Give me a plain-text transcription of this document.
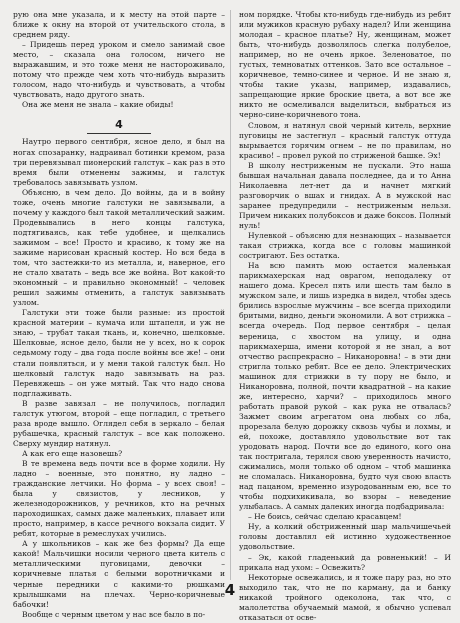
рую она мне указала, и к месту на этой парте – ближе к окну на второй от учительского стола, в среднем ряду.

– Придешь перед уроком и смело занимай свое место, – сказала она голосом, ничего не выражавшим, и это тоже меня не настороживало, потому что прежде чем хоть что-нибудь выразить голосом, надо что-нибудь и чувствовать, а чтобы чувствовать, надо другого знать.

Она же меня не знала – какие обиды!

4

Наутро первого сентября, ясное дело, я был на ногах спозаранку, надраивал ботинки кремом, раза три перевязывал пионерский галстук – как раз в это время были отменены зажимы, и галстук требовалось завязывать узлом.

Объясню, в чем дело. До войны, да и в войну тоже, очень многие галстуки не завязывали, а почему у каждого был такой металлический зажим. Продевывались в него концы галстука, подтягиваясь, как тебе удобнее, и щелкались зажимом – все! Просто и красиво, к тому же на зажиме нарисован красный костер. Но вся беда в том, что застежки-то из металла, и, наверное, его не стало хватать – ведь все же война. Вот какой-то экономный – и правильно экономный! – человек решил зажимы отменить, а галстук завязывать узлом.

Галстуки эти тоже были разные: из простой красной материи – кумача или штапеля, и уж не знаю, – трубат такая ткань, и, конечно, шелковые. Шелковые, ясное дело, были не у всех, но к сорок седьмому году – два года после войны все же! – они стали появляться, и у меня такой галстук был. Но шелковый галстук надо завязывать на раз. Перевяжешь – он уже мятый. Так что надо снова подглаживать.

В разве завязал – не получилось, погладил галстук утюгом, второй – еще погладил, с третьего раза вроде вышло. Оглядел себя в зеркало – белая рубашечка, красный галстук – все как положено. Сверху мундир натянул.

А как его еще назовешь?

В те времена ведь почти все в форме ходили. Ну ладно – военные, это понятно, ну ладно – гражданские летчики. Но форма – у всех своя! – была у связистов, у лесников, у железнодорожников, у речников, кто на речных пароходишках, самых даже маленьких, плавает или просто, например, в кассе речного вокзала сидит. У ребят, которые в ремеслухах учились.

А у школьников – как же без формы? Да еще какой! Мальчишки носили черного цвета китель с металлическими пуговицами, девочки – коричневые платья с белыми воротничками и черные передники с какими-то рюшками крылышками на плечах. Черно-коричневые бабочки!

Вообще с черным цветом у нас все было в по-

ном порядке. Чтобы кто-нибудь где-нибудь из ребят или мужиков красную рубаху надел? Или женщина молодая – красное платье? Ну, женщинам, может быть, что-нибудь дозволялось слегка полубелое, например, но не очень яркое. Зеленоватое, по густых, темноватых оттенков. Зато все остальное – коричневое, темно-синее и черное. И не знаю я, чтобы такие указы, например, издавались, запрещающие яркие броские цвета, а вот все же никто не осмеливался выделиться, выбраться из черно-сине-коричневого тона.

Словом, я натянул свой черный китель, верхние пуговицы не застегнул – красный галстук оттуда вырывается горячим огнем – не по правилам, но красиво! – провел рукой по стриженой башке. Эх!

В школу нестриженым не пускали. Это наша бывшая начальная давала последнее, да и то Анна Николаевна лет-нет да и начнет мягкий разговорчик о вшах и гнидах. А в мужской нас заранее предупредили – нестриженым нельзя. Причем никаких полубоксов и даже боксов. Полный нуль!

Нулевкой – объясню для незнающих – называется такая стрижка, когда все с головы машинкой состригают. Без остатка.

На всю память мою остается маленькая парикмахерская над оврагом, неподалеку от нашего дома. Кресел пять или шесть там было в мужском зале, и лишь изредка в видел, чтобы здесь брились взрослые мужчины – все всегда приходили бритыми, видно, деньги экономили. А вот стрижка – всегда очередь. Под первое сентября – целая вереница, с хвостом на улицу, и одна парикмахерша, имени которой я не знал, а вот отчество распрекрасно – Никаноровна! – в эти дни стригла только ребят. Все ее дело. Электрических машинок для стрижки в ту пору не было, и Никаноровна, полной, почти квадратной – на какие же, интересно, харчи? – приходилось много работать правой рукой – как рука не отвалась? Зажмет своим агрегатом она любых со лба, прорезала белую дорожку сквозь чубы и лохмы, и ей, похоже, доставляло удовольствие вот так уродовать народ. Почти все до единого, кого она так постригала, терялся свою уверенность начисто, сжимались, моля только об одном – чтоб машинка не сломалась. Никаноровна, будто чуя свою власть над пацаном, временно изуродованным ею, все то чтобы подхихикивала, во взоры – неведение улыбалась. А самых далеких иногда подбадривала:

– Не боись, сейчас сделаю красавцем!

Ну, а колкий обстриженный шар мальчишечьей головы доставлял ей истинно художественное удовольствие.

– Эк, какой гладенький да ровненький! – И прикала над ухом: – Освежить?

Некоторые освежались, и я тоже пару раз, но это выходило так, что не по карману, да и банку никакой тройного одеколона, так что, с малолетства обучаемый мамой, я обычно успевал отказаться от осве-

4
